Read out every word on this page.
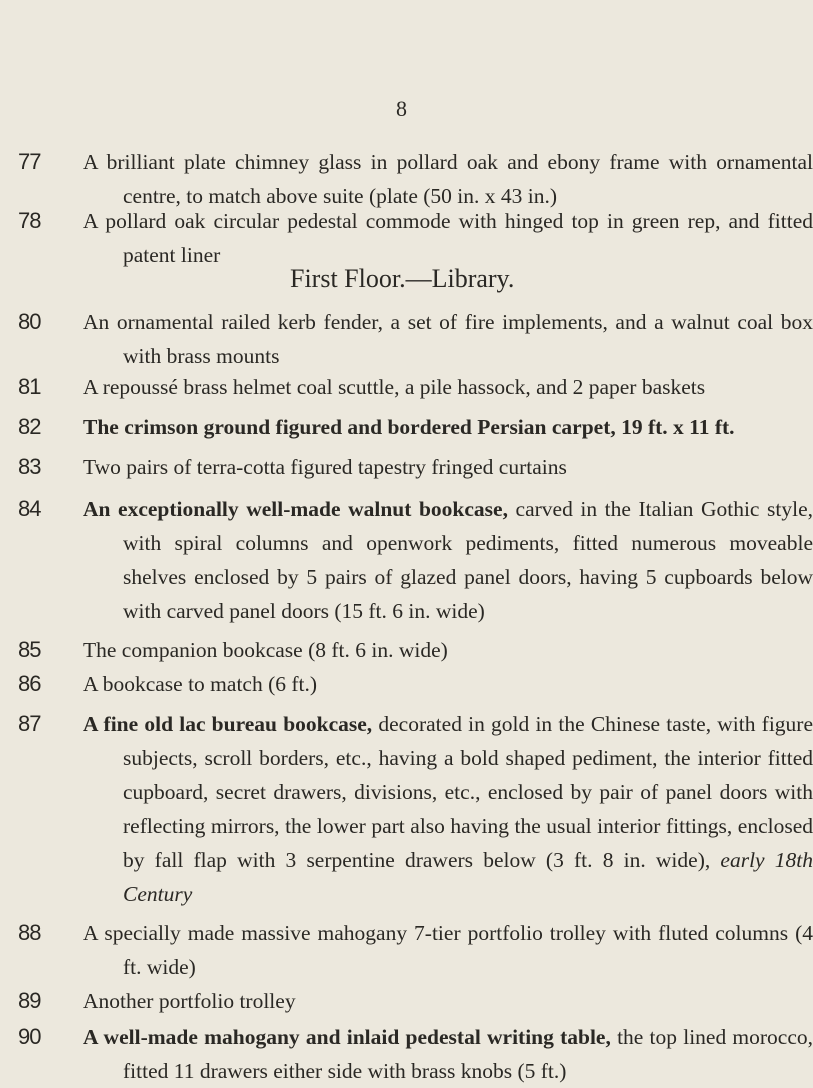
8
77 A brilliant plate chimney glass in pollard oak and ebony frame with ornamental centre, to match above suite (plate (50 in. x 43 in.)
78 A pollard oak circular pedestal commode with hinged top in green rep, and fitted patent liner
First Floor.—Library.
80 An ornamental railed kerb fender, a set of fire implements, and a walnut coal box with brass mounts
81 A repoussé brass helmet coal scuttle, a pile hassock, and 2 paper baskets
82 The crimson ground figured and bordered Persian carpet, 19 ft. x 11 ft.
83 Two pairs of terra-cotta figured tapestry fringed curtains
84 An exceptionally well-made walnut bookcase, carved in the Italian Gothic style, with spiral columns and openwork pediments, fitted numerous moveable shelves enclosed by 5 pairs of glazed panel doors, having 5 cupboards below with carved panel doors (15 ft. 6 in. wide)
85 The companion bookcase (8 ft. 6 in. wide)
86 A bookcase to match (6 ft.)
87 A fine old lac bureau bookcase, decorated in gold in the Chinese taste, with figure subjects, scroll borders, etc., having a bold shaped pediment, the interior fitted cupboard, secret drawers, divisions, etc., enclosed by pair of panel doors with reflecting mirrors, the lower part also having the usual interior fittings, enclosed by fall flap with 3 serpentine drawers below (3 ft. 8 in. wide), early 18th Century
88 A specially made massive mahogany 7-tier portfolio trolley with fluted columns (4 ft. wide)
89 Another portfolio trolley
90 A well-made mahogany and inlaid pedestal writing table, the top lined morocco, fitted 11 drawers either side with brass knobs (5 ft.)
